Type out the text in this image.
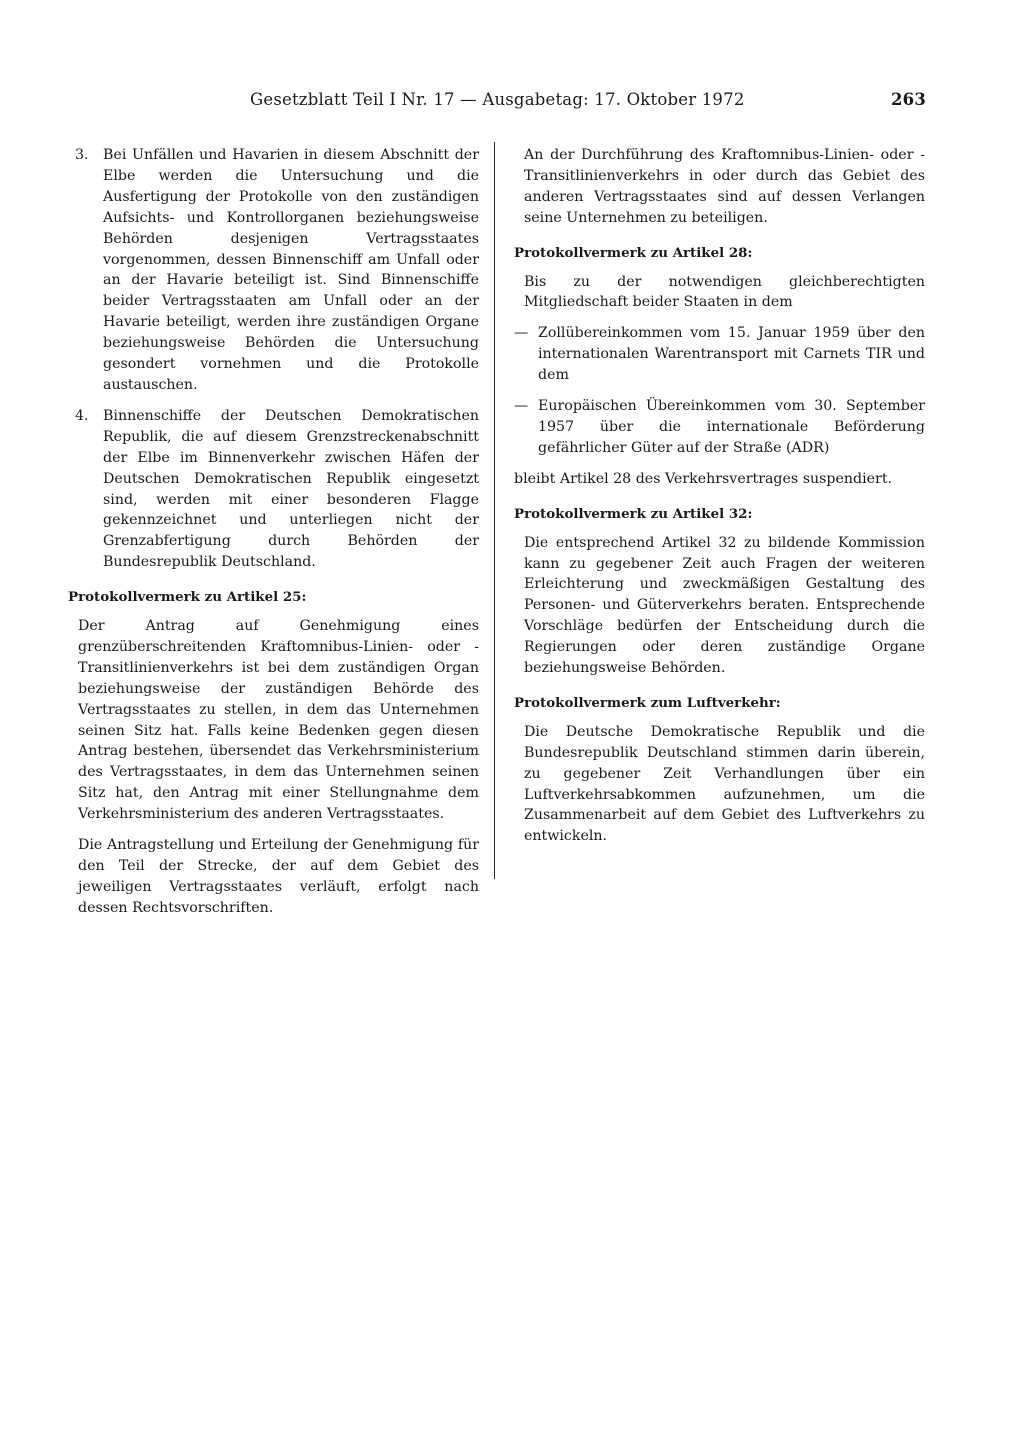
Gesetzblatt Teil I Nr. 17 — Ausgabetag: 17. Oktober 1972	263
3.	Bei Unfällen und Havarien in diesem Abschnitt der Elbe werden die Untersuchung und die Ausfertigung der Protokolle von den zuständigen Aufsichts- und Kontrollorganen beziehungsweise Behörden desjenigen Vertragsstaates vorgenommen, dessen Binnenschiff am Unfall oder an der Havarie beteiligt ist. Sind Binnenschiffe beider Vertragsstaaten am Unfall oder an der Havarie beteiligt, werden ihre zuständigen Organe beziehungsweise Behörden die Untersuchung gesondert vornehmen und die Protokolle austauschen.
4.	Binnenschiffe der Deutschen Demokratischen Republik, die auf diesem Grenzstreckenabschnitt der Elbe im Binnenverkehr zwischen Häfen der Deutschen Demokratischen Republik eingesetzt sind, werden mit einer besonderen Flagge gekennzeichnet und unterliegen nicht der Grenzabfertigung durch Behörden der Bundesrepublik Deutschland.
Protokollvermerk zu Artikel 25:

Der Antrag auf Genehmigung eines grenzüberschreitenden Kraftomnibus-Linien- oder -Transitlinienverkehrs ist bei dem zuständigen Organ beziehungsweise der zuständigen Behörde des Vertragsstaates zu stellen, in dem das Unternehmen seinen Sitz hat. Falls keine Bedenken gegen diesen Antrag bestehen, übersendet das Verkehrsministerium des Vertragsstaates, in dem das Unternehmen seinen Sitz hat, den Antrag mit einer Stellungnahme dem Verkehrsministerium des anderen Vertragsstaates.

Die Antragstellung und Erteilung der Genehmigung für den Teil der Strecke, der auf dem Gebiet des jeweiligen Vertragsstaates verläuft, erfolgt nach dessen Rechtsvorschriften.

An der Durchführung des Kraftomnibus-Linien- oder -Transitlinienverkehrs in oder durch das Gebiet des anderen Vertragsstaates sind auf dessen Verlangen seine Unternehmen zu beteiligen.

Protokollvermerk zu Artikel 28:

Bis zu der notwendigen gleichberechtigten Mitgliedschaft beider Staaten in dem

— Zollübereinkommen vom 15. Januar 1959 über den internationalen Warentransport mit Carnets TIR und dem
— Europäischen Übereinkommen vom 30. September 1957 über die internationale Beförderung gefährlicher Güter auf der Straße (ADR)

bleibt Artikel 28 des Verkehrsvertrages suspendiert.

Protokollvermerk zu Artikel 32:

Die entsprechend Artikel 32 zu bildende Kommission kann zu gegebener Zeit auch Fragen der weiteren Erleichterung und zweckmäßigen Gestaltung des Personen- und Güterverkehrs beraten. Entsprechende Vorschläge bedürfen der Entscheidung durch die Regierungen oder deren zuständige Organe beziehungsweise Behörden.

Protokollvermerk zum Luftverkehr:

Die Deutsche Demokratische Republik und die Bundesrepublik Deutschland stimmen darin überein, zu gegebener Zeit Verhandlungen über ein Luftverkehrsabkommen aufzunehmen, um die Zusammenarbeit auf dem Gebiet des Luftverkehrs zu entwickeln.
